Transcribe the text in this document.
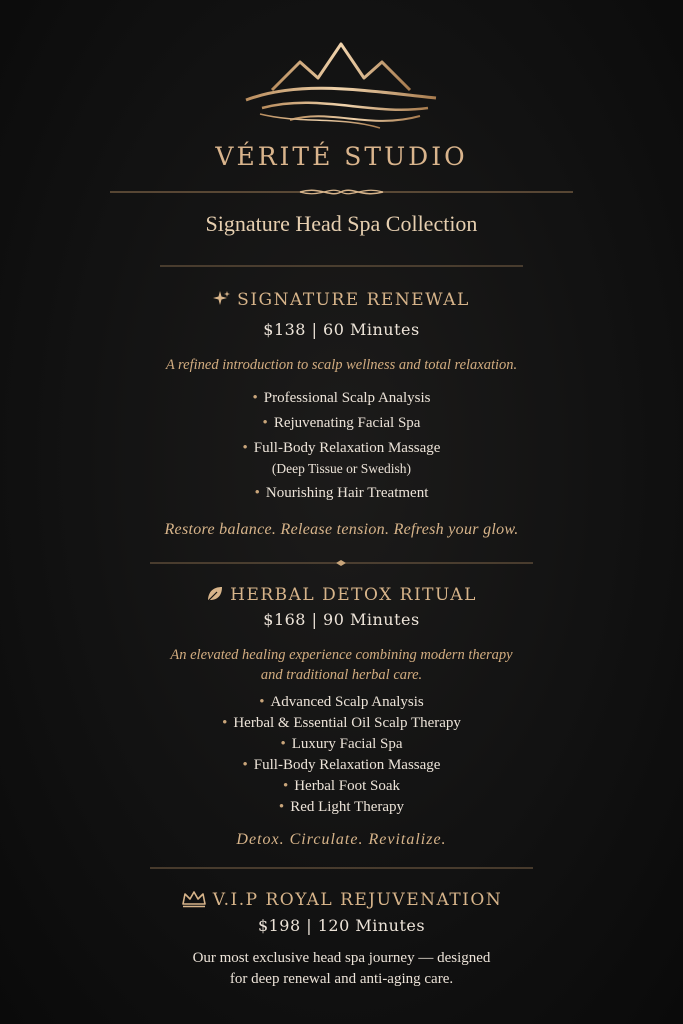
VÉRITÉ STUDIO
Signature Head Spa Collection
SIGNATURE RENEWAL
$138 | 60 Minutes
A refined introduction to scalp wellness and total relaxation.
• Professional Scalp Analysis
• Rejuvenating Facial Spa
• Full-Body Relaxation Massage
(Deep Tissue or Swedish)
• Nourishing Hair Treatment
Restore balance. Release tension. Refresh your glow.
HERBAL DETOX RITUAL
$168 | 90 Minutes
An elevated healing experience combining modern therapy
and traditional herbal care.
• Advanced Scalp Analysis
• Herbal & Essential Oil Scalp Therapy
• Luxury Facial Spa
• Full-Body Relaxation Massage
• Herbal Foot Soak
• Red Light Therapy
Detox. Circulate. Revitalize.
V.I.P ROYAL REJUVENATION
$198 | 120 Minutes
Our most exclusive head spa journey — designed
for deep renewal and anti-aging care.
